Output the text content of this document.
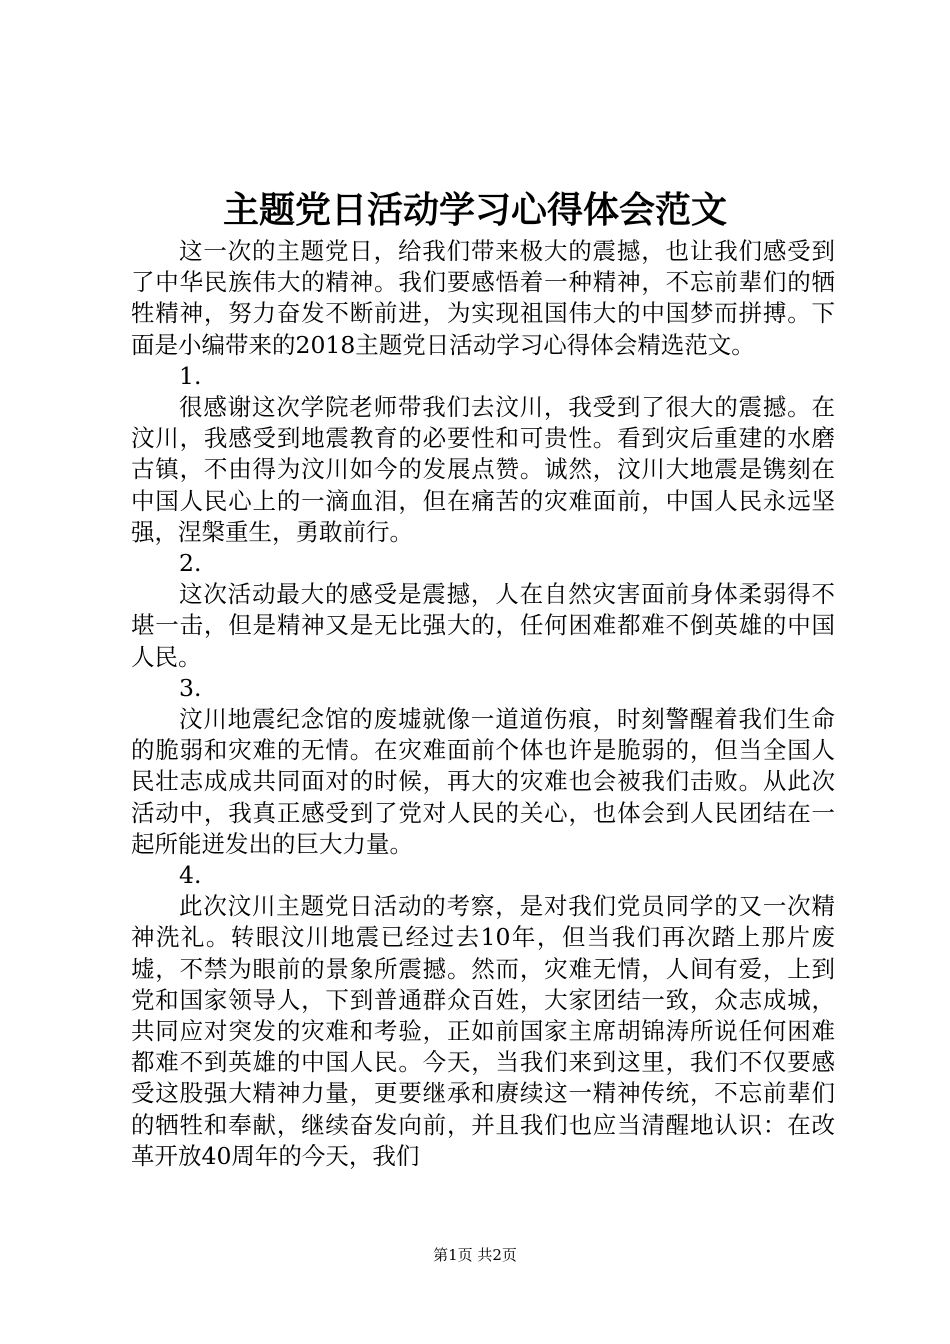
主题党日活动学习心得体会范文

这一次的主题党日，给我们带来极大的震撼，也让我们感受到了中华民族伟大的精神。我们要感悟着一种精神，不忘前辈们的牺牲精神，努力奋发不断前进，为实现祖国伟大的中国梦而拼搏。下面是小编带来的2018主题党日活动学习心得体会精选范文。

1.

很感谢这次学院老师带我们去汶川，我受到了很大的震撼。在汶川，我感受到地震教育的必要性和可贵性。看到灾后重建的水磨古镇，不由得为汶川如今的发展点赞。诚然，汶川大地震是镌刻在中国人民心上的一滴血泪，但在痛苦的灾难面前，中国人民永远坚强，涅槃重生，勇敢前行。

2.

这次活动最大的感受是震撼，人在自然灾害面前身体柔弱得不堪一击，但是精神又是无比强大的，任何困难都难不倒英雄的中国人民。

3.

汶川地震纪念馆的废墟就像一道道伤痕，时刻警醒着我们生命的脆弱和灾难的无情。在灾难面前个体也许是脆弱的，但当全国人民壮志成成共同面对的时候，再大的灾难也会被我们击败。从此次活动中，我真正感受到了党对人民的关心，也体会到人民团结在一起所能迸发出的巨大力量。

4.

此次汶川主题党日活动的考察，是对我们党员同学的又一次精神洗礼。转眼汶川地震已经过去10年，但当我们再次踏上那片废墟，不禁为眼前的景象所震撼。然而，灾难无情，人间有爱，上到党和国家领导人，下到普通群众百姓，大家团结一致，众志成城，共同应对突发的灾难和考验，正如前国家主席胡锦涛所说任何困难都难不到英雄的中国人民。今天，当我们来到这里，我们不仅要感受这股强大精神力量，更要继承和赓续这一精神传统，不忘前辈们的牺牲和奉献，继续奋发向前，并且我们也应当清醒地认识：在改革开放40周年的今天，我们

第1页 共2页
